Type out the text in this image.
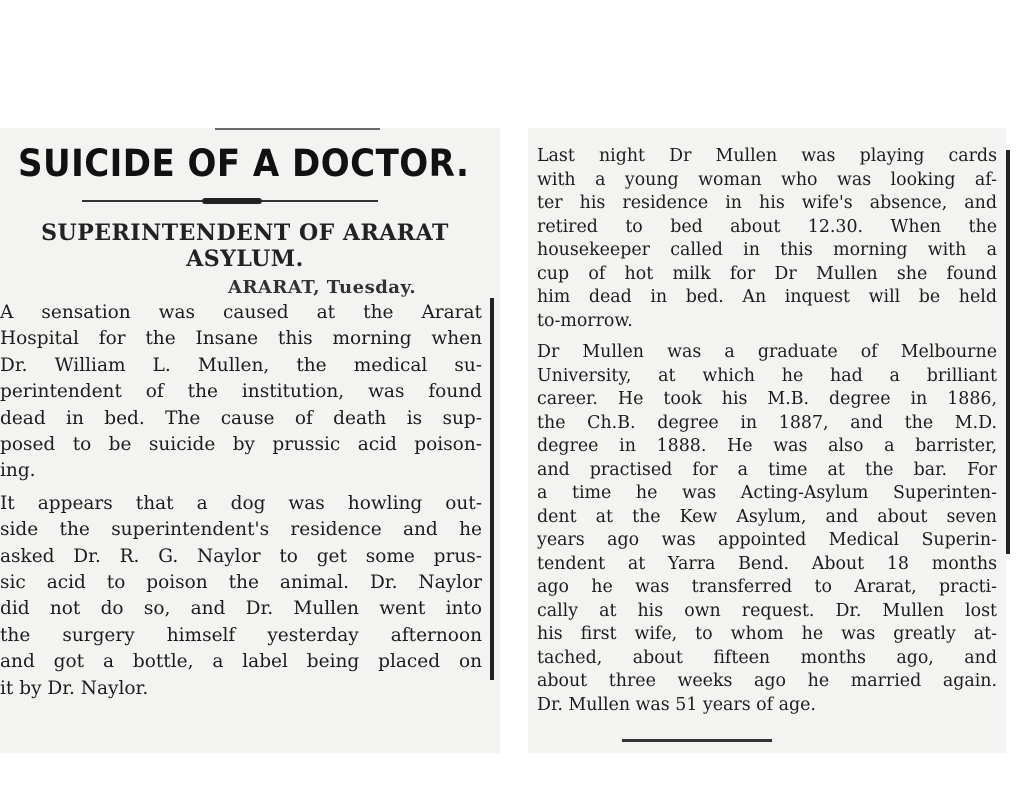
SUICIDE OF A DOCTOR.
SUPERINTENDENT OF ARARAT
ASYLUM.
ARARAT, Tuesday.

A sensation was caused at the Ararat
Hospital for the Insane this morning when
Dr. William L. Mullen, the medical su-
perintendent of the institution, was found
dead in bed. The cause of death is sup-
posed to be suicide by prussic acid poison-
ing.

It appears that a dog was howling out-
side the superintendent's residence and he
asked Dr. R. G. Naylor to get some prus-
sic acid to poison the animal. Dr. Naylor
did not do so, and Dr. Mullen went into
the surgery himself yesterday afternoon
and got a bottle, a label being placed on
it by Dr. Naylor.

Last night Dr Mullen was playing cards
with a young woman who was looking af-
ter his residence in his wife's absence, and
retired to bed about 12.30. When the
housekeeper called in this morning with a
cup of hot milk for Dr Mullen she found
him dead in bed. An inquest will be held
to-morrow.

Dr Mullen was a graduate of Melbourne
University, at which he had a brilliant
career. He took his M.B. degree in 1886,
the Ch.B. degree in 1887, and the M.D.
degree in 1888. He was also a barrister,
and practised for a time at the bar. For
a time he was Acting-Asylum Superinten-
dent at the Kew Asylum, and about seven
years ago was appointed Medical Superin-
tendent at Yarra Bend. About 18 months
ago he was transferred to Ararat, practi-
cally at his own request. Dr. Mullen lost
his first wife, to whom he was greatly at-
tached, about fifteen months ago, and
about three weeks ago he married again.
Dr. Mullen was 51 years of age.
